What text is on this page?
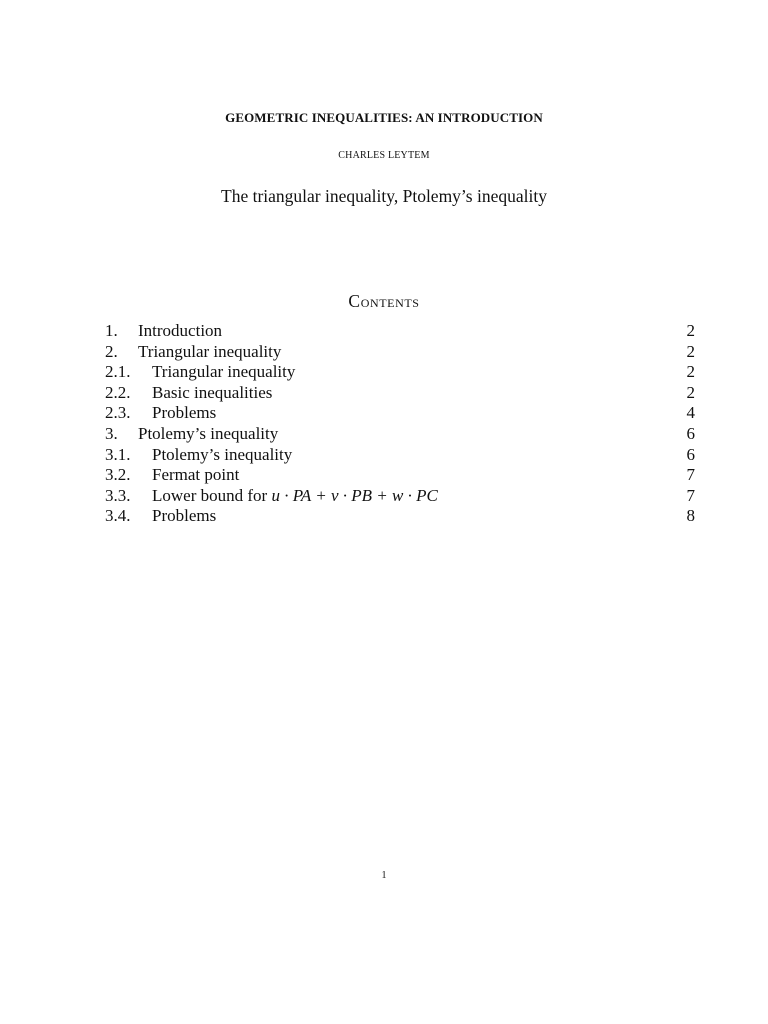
GEOMETRIC INEQUALITIES: AN INTRODUCTION
CHARLES LEYTEM
The triangular inequality, Ptolemy’s inequality
Contents
1. Introduction	2
2. Triangular inequality	2
2.1. Triangular inequality	2
2.2. Basic inequalities	2
2.3. Problems	4
3. Ptolemy’s inequality	6
3.1. Ptolemy’s inequality	6
3.2. Fermat point	7
3.3. Lower bound for u · PA + v · PB + w · PC	7
3.4. Problems	8
1
